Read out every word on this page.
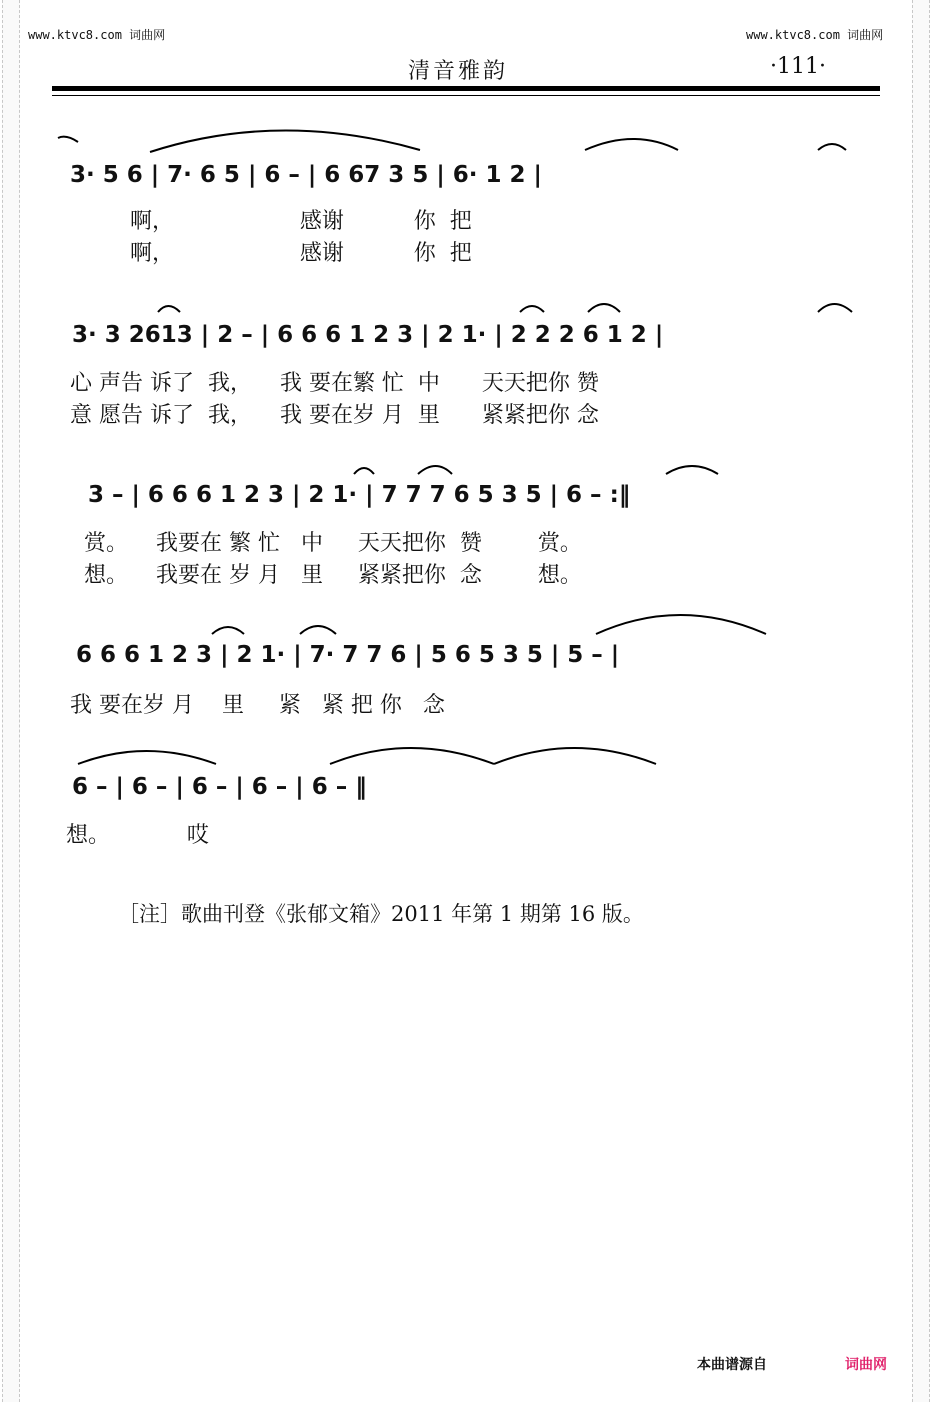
www.ktvc8.com 词曲网	www.ktvc8.com 词曲网
清音雅韵	·111·
3· 5 6 | 7· 6 5 | 6 – | 6 67 3 5 | 6· 1 2 |
啊，                  感谢          你  把
啊，                  感谢          你  把
3· 3 2613 | 2 – | 6 6 6 1 2 3 | 2 1· | 2 2 2 6 1 2 |
心 声告 诉了  我，    我 要在繁 忙  中      天天把你 赞
意 愿告 诉了  我，    我 要在岁 月  里      紧紧把你 念
3 – | 6 6 6 1 2 3 | 2 1· | 7 7 7 6 5 3 5 | 6 – :‖
赏。    我要在 繁 忙   中     天天把你  赞        赏。
想。    我要在 岁 月   里     紧紧把你  念        想。
6 6 6 1 2 3 | 2 1· | 7· 7 7 6 | 5 6 5 3 5 | 5 – |
我 要在岁 月    里     紧   紧 把 你   念
6 – | 6 – | 6 – | 6 – | 6 – ‖
想。           哎
［注］歌曲刊登《张郁文箱》2011 年第 1 期第 16 版。
本曲谱源自	词曲网
